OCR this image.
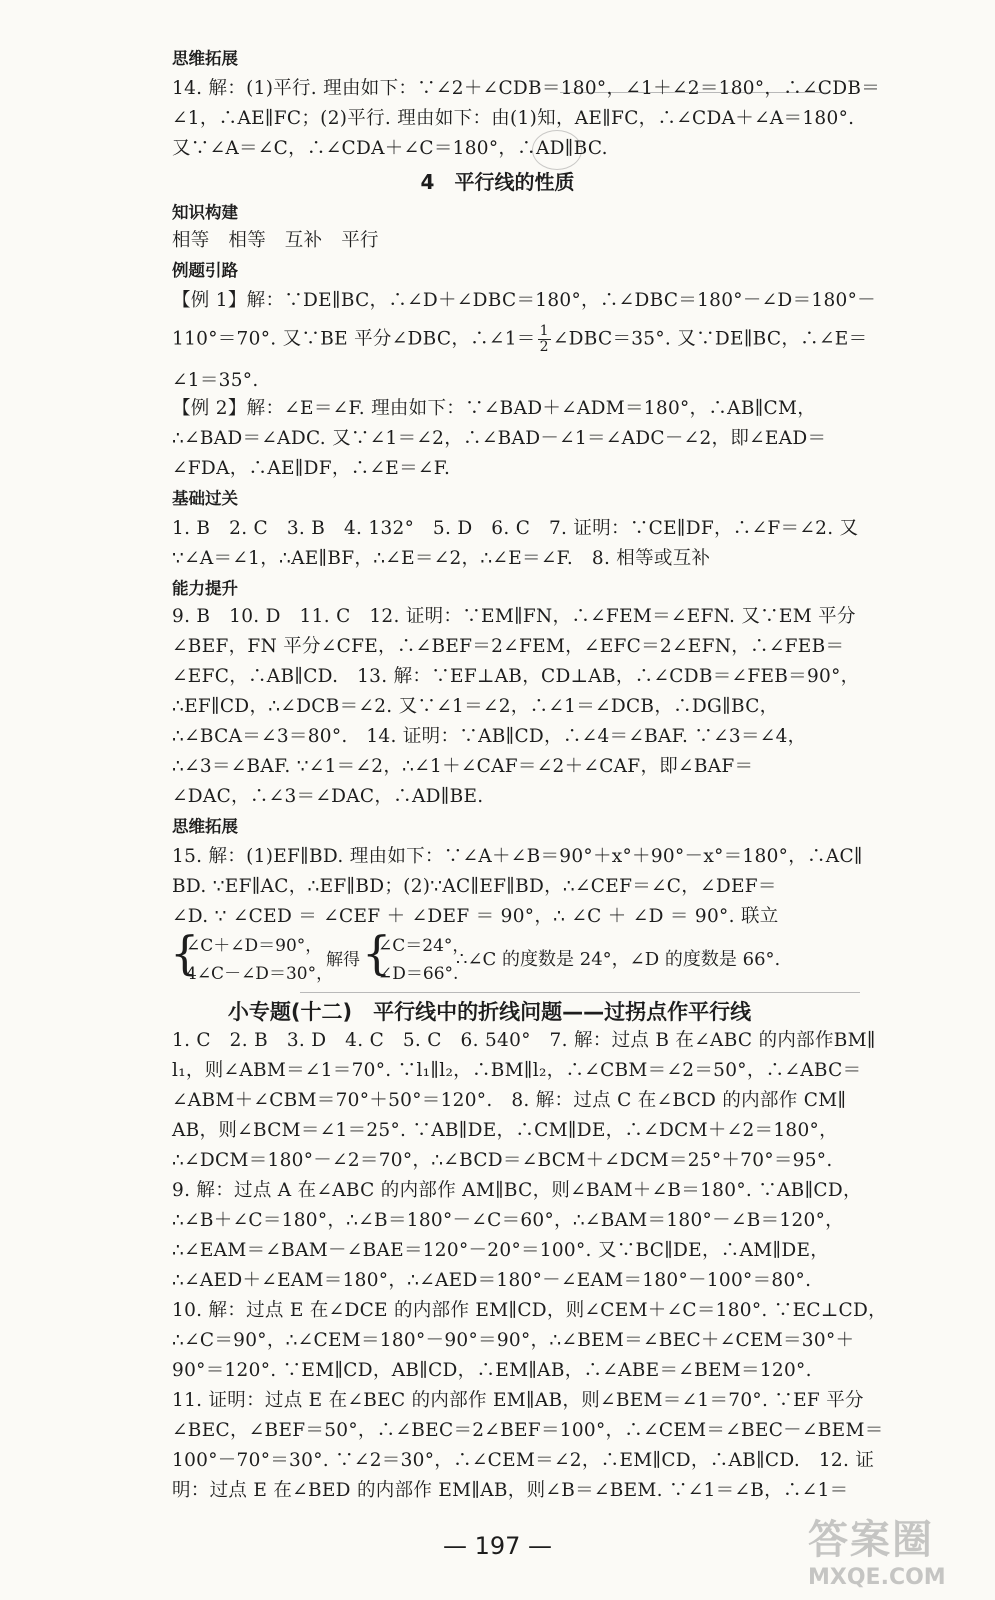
思维拓展
14. 解：(1)平行. 理由如下：∵∠2＋∠CDB＝180°，∠1＋∠2＝180°，∴∠CDB＝
∠1，∴AE∥FC；(2)平行. 理由如下：由(1)知，AE∥FC，∴∠CDA＋∠A＝180°.
又∵∠A＝∠C，∴∠CDA＋∠C＝180°，∴AD∥BC.
4　平行线的性质
知识构建
相等　相等　互补　平行
例题引路
【例 1】解：∵DE∥BC，∴∠D＋∠DBC＝180°，∴∠DBC＝180°－∠D＝180°－
110°＝70°. 又∵BE 平分∠DBC，∴∠1＝ $\frac{1}{2}$ ∠DBC＝35°. 又∵DE∥BC，∴∠E＝
∠1＝35°.
【例 2】解：∠E＝∠F. 理由如下：∵∠BAD＋∠ADM＝180°，∴AB∥CM，
∴∠BAD＝∠ADC. 又∵∠1＝∠2，∴∠BAD－∠1＝∠ADC－∠2，即∠EAD＝
∠FDA，∴AE∥DF，∴∠E＝∠F.
基础过关
1. B　2. C　3. B　4. 132°　5. D　6. C　7. 证明：∵CE∥DF，∴∠F＝∠2. 又
∵∠A＝∠1，∴AE∥BF，∴∠E＝∠2，∴∠E＝∠F.　8. 相等或互补
能力提升
9. B　10. D　11. C　12. 证明：∵EM∥FN，∴∠FEM＝∠EFN. 又∵EM 平分
∠BEF，FN 平分∠CFE，∴∠BEF＝2∠FEM，∠EFC＝2∠EFN，∴∠FEB＝
∠EFC，∴AB∥CD.　13. 解：∵EF⊥AB，CD⊥AB，∴∠CDB＝∠FEB＝90°，
∴EF∥CD，∴∠DCB＝∠2. 又∵∠1＝∠2，∴∠1＝∠DCB，∴DG∥BC，
∴∠BCA＝∠3＝80°.　14. 证明：∵AB∥CD，∴∠4＝∠BAF. ∵∠3＝∠4，
∴∠3＝∠BAF. ∵∠1＝∠2，∴∠1＋∠CAF＝∠2＋∠CAF，即∠BAF＝
∠DAC，∴∠3＝∠DAC，∴AD∥BE.
思维拓展
15. 解：(1)EF∥BD. 理由如下：∵∠A＋∠B＝90°＋x°＋90°－x°＝180°，∴AC∥
BD. ∵EF∥AC，∴EF∥BD；(2)∵AC∥EF∥BD，∴∠CEF＝∠C，∠DEF＝
∠D. ∵ ∠CED ＝ ∠CEF ＋ ∠DEF ＝ 90°，∴ ∠C ＋ ∠D ＝ 90°. 联立
{
∠C＋∠D＝90°，
4∠C－∠D＝30°，
解得 {
∠C＝24°，
∠D＝66°.
∴∠C 的度数是 24°，∠D 的度数是 66°.
小专题(十二)　平行线中的折线问题——过拐点作平行线
1. C　2. B　3. D　4. C　5. C　6. 540°　7. 解：过点 B 在∠ABC 的内部作BM∥
l₁，则∠ABM＝∠1＝70°. ∵l₁∥l₂，∴BM∥l₂，∴∠CBM＝∠2＝50°，∴∠ABC＝
∠ABM＋∠CBM＝70°＋50°＝120°.　8. 解：过点 C 在∠BCD 的内部作 CM∥
AB，则∠BCM＝∠1＝25°. ∵AB∥DE，∴CM∥DE，∴∠DCM＋∠2＝180°，
∴∠DCM＝180°－∠2＝70°，∴∠BCD＝∠BCM＋∠DCM＝25°＋70°＝95°.
9. 解：过点 A 在∠ABC 的内部作 AM∥BC，则∠BAM＋∠B＝180°. ∵AB∥CD，
∴∠B＋∠C＝180°，∴∠B＝180°－∠C＝60°，∴∠BAM＝180°－∠B＝120°，
∴∠EAM＝∠BAM－∠BAE＝120°－20°＝100°. 又∵BC∥DE，∴AM∥DE，
∴∠AED＋∠EAM＝180°，∴∠AED＝180°－∠EAM＝180°－100°＝80°.
10. 解：过点 E 在∠DCE 的内部作 EM∥CD，则∠CEM＋∠C＝180°. ∵EC⊥CD，
∴∠C＝90°，∴∠CEM＝180°－90°＝90°，∴∠BEM＝∠BEC＋∠CEM＝30°＋
90°＝120°. ∵EM∥CD，AB∥CD，∴EM∥AB，∴∠ABE＝∠BEM＝120°.
11. 证明：过点 E 在∠BEC 的内部作 EM∥AB，则∠BEM＝∠1＝70°. ∵EF 平分
∠BEC，∠BEF＝50°，∴∠BEC＝2∠BEF＝100°，∴∠CEM＝∠BEC－∠BEM＝
100°－70°＝30°. ∵∠2＝30°，∴∠CEM＝∠2，∴EM∥CD，∴AB∥CD.　12. 证
明：过点 E 在∠BED 的内部作 EM∥AB，则∠B＝∠BEM. ∵∠1＝∠B，∴∠1＝
— 197 —	答案圈
MXQE.COM
